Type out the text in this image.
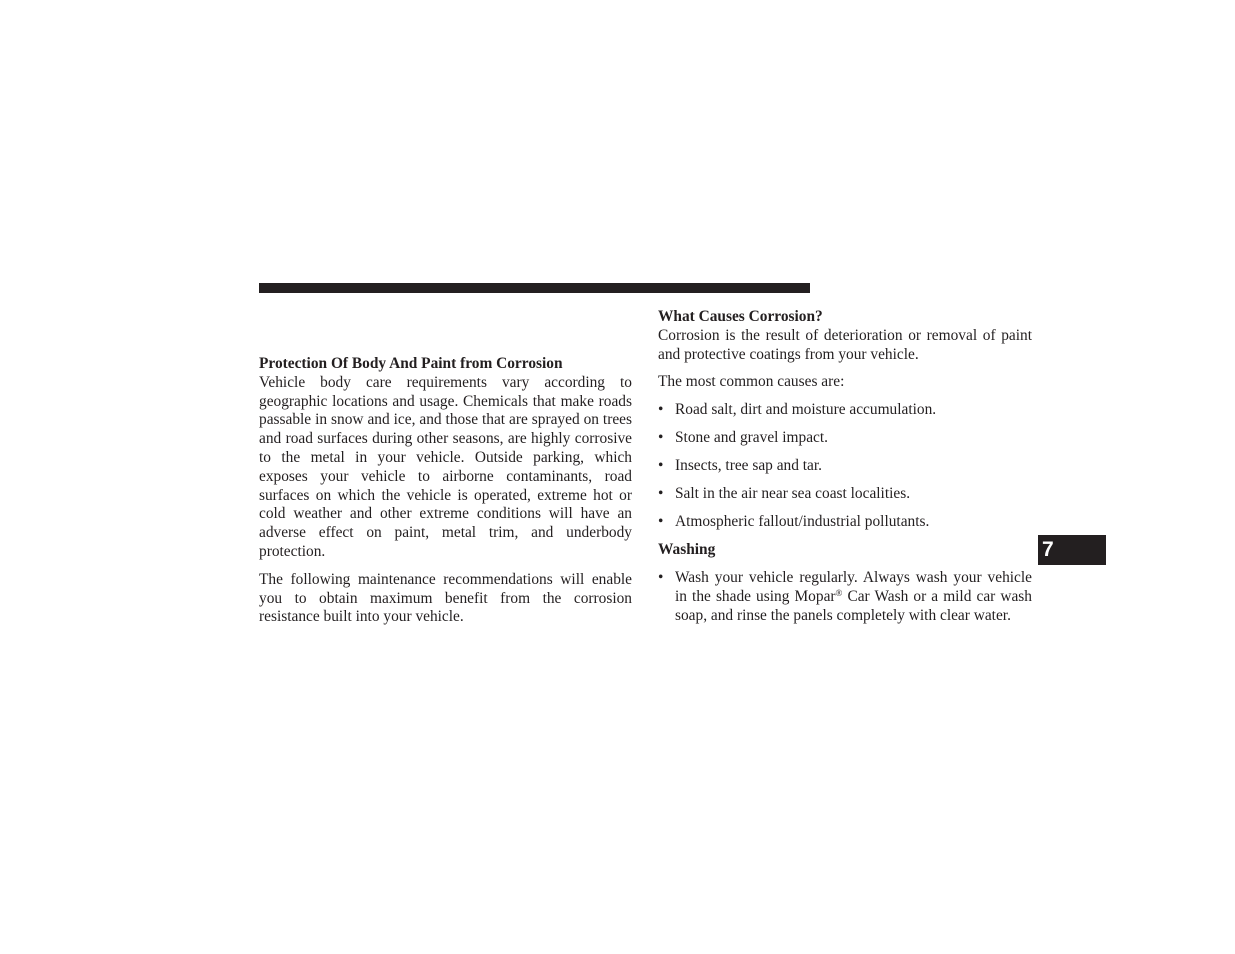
Protection Of Body And Paint from Corrosion

Vehicle body care requirements vary according to geographic locations and usage. Chemicals that make roads passable in snow and ice, and those that are sprayed on trees and road surfaces during other seasons, are highly corrosive to the metal in your vehicle. Outside parking, which exposes your vehicle to airborne contaminants, road surfaces on which the vehicle is operated, extreme hot or cold weather and other extreme conditions will have an adverse effect on paint, metal trim, and underbody protection.

The following maintenance recommendations will enable you to obtain maximum benefit from the corrosion resistance built into your vehicle.

What Causes Corrosion?

Corrosion is the result of deterioration or removal of paint and protective coatings from your vehicle.

The most common causes are:

• Road salt, dirt and moisture accumulation.
• Stone and gravel impact.
• Insects, tree sap and tar.
• Salt in the air near sea coast localities.
• Atmospheric fallout/industrial pollutants.

Washing

• Wash your vehicle regularly. Always wash your vehicle in the shade using Mopar® Car Wash or a mild car wash soap, and rinse the panels completely with clear water.
7
